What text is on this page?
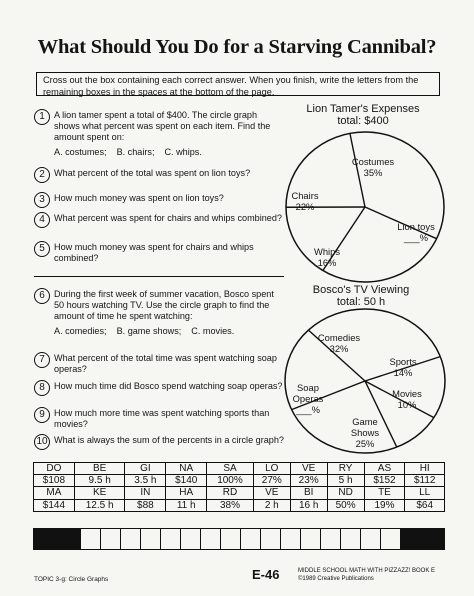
What Should You Do for a Starving Cannibal?
Cross out the box containing each correct answer. When you finish, write the letters from the remaining boxes in the spaces at the bottom of the page.
1	A lion tamer spent a total of $400. The circle graph shows what percent was spent on each item. Find the amount spent on:
A. costumes; B. chairs; C. whips.
2	What percent of the total was spent on lion toys?
3	How much money was spent on lion toys?
4	What percent was spent for chairs and whips combined?
5	How much money was spent for chairs and whips combined?
6	During the first week of summer vacation, Bosco spent 50 hours watching TV. Use the circle graph to find the amount of time he spent watching:
A. comedies; B. game shows; C. movies.
7	What percent of the total time was spent watching soap operas?
8	How much time did Bosco spend watching soap operas?
9	How much more time was spent watching sports than movies?
10 What is always the sum of the percents in a circle graph?
Lion Tamer's Expenses
total: $400
Costumes 35%
Lion toys ___%
Whips 16%
Chairs 22%
Bosco's TV Viewing
total: 50 h
Comedies 32%
Sports 14%
Movies 10%
Game Shows 25%
Soap Operas ___%
DO	BE	GI	NA	SA	LO	VE	RY	AS	HI
$108	9.5 h	3.5 h	$140	100%	27%	23%	5 h	$152	$112
MA	KE	IN	HA	RD	VE	BI	ND	TE	LL
$144	12.5 h	$88	11 h	38%	2 h	16 h	50%	19%	$64
TOPIC 3-g: Circle Graphs	E-46	MIDDLE SCHOOL MATH WITH PIZZAZZ! BOOK E
©1989 Creative Publications
